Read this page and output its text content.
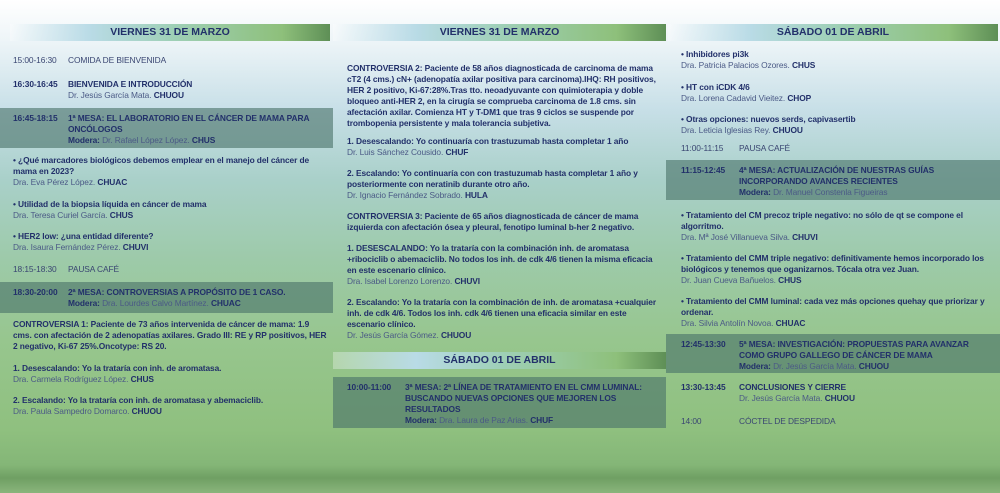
VIERNES 31 DE MARZO
15:00-16:30 COMIDA DE BIENVENIDA
16:30-16:45 BIENVENIDA E INTRODUCCIÓN
Dr. Jesús García Mata. CHUOU
16:45-18:15 1ª MESA: EL LABORATORIO EN EL CÁNCER DE MAMA PARA ONCÓLOGOS
Modera: Dr. Rafael López López. CHUS
• ¿Qué marcadores biológicos debemos emplear en el manejo del cáncer de mama en 2023?
Dra. Eva Pérez López. CHUAC
• Utilidad de la biopsia líquida en cáncer de mama
Dra. Teresa Curiel García. CHUS
• HER2 low: ¿una entidad diferente?
Dra. Isaura Fernández Pérez. CHUVI
18:15-18:30 PAUSA CAFÉ
18:30-20:00 2ª MESA: CONTROVERSIAS A PROPÓSITO DE 1 CASO.
Modera: Dra. Lourdes Calvo Martínez. CHUAC
CONTROVERSIA 1: Paciente de 73 años intervenida de cáncer de mama: 1.9 cms. con afectación de 2 adenopatías axilares. Grado III: RE y RP positivos, HER 2 negativo, Ki-67 25%.Oncotype: RS 20.
1. Desescalando: Yo la trataría con inh. de aromatasa.
Dra. Carmela Rodríguez López. CHUS
2. Escalando: Yo la trataría con inh. de aromatasa y abemaciclib.
Dra. Paula Sampedro Domarco. CHUOU
VIERNES 31 DE MARZO
CONTROVERSIA 2: Paciente de 58 años diagnosticada de carcinoma de mama cT2 (4 cms.) cN+ (adenopatía axilar positiva para carcinoma).IHQ: RH positivos, HER 2 positivo, Ki-67:28%.Tras tto. neoadyuvante con quimioterapia y doble bloqueo anti-HER 2, en la cirugía se comprueba carcinoma de 1.8 cms. sin afectación axilar. Comienza HT y T-DM1 que tras 9 ciclos se suspende por trombopenia persistente y mala tolerancia subjetiva.
1. Desescalando: Yo continuaría con trastuzumab hasta completar 1 año
Dr. Luis Sánchez Cousido. CHUF
2. Escalando: Yo continuaría con con trastuzumab hasta completar 1 año y posteriormente con neratinib durante otro año.
Dr. Ignacio Fernández Sobrado. HULA
CONTROVERSIA 3: Paciente de 65 años diagnosticada de cáncer de mama izquierda con afectación ósea y pleural, fenotipo luminal b-her 2 negativo.
1. DESESCALANDO: Yo la trataría con la combinación inh. de aromatasa +ribociclib o abemaciclib. No todos los inh. de cdk 4/6 tienen la misma eficacia en este escenario clínico.
Dra. Isabel Lorenzo Lorenzo. CHUVI
2. Escalando: Yo la trataría con la combinación de inh. de aromatasa +cualquier inh. de cdk 4/6. Todos los inh. cdk 4/6 tienen una eficacia similar en este escenario clínico.
Dr. Jesús García Gómez. CHUOU
SÁBADO 01 DE ABRIL
10:00-11:00 3ª MESA: 2ª LÍNEA DE TRATAMIENTO EN EL CMM LUMINAL: BUSCANDO NUEVAS OPCIONES QUE MEJOREN LOS RESULTADOS
Modera: Dra. Laura de Paz Arias. CHUF
SÁBADO 01 DE ABRIL
• Inhibidores pi3k
Dra. Patricia Palacios Ozores. CHUS
• HT con iCDK 4/6
Dra. Lorena Cadavid Vieitez. CHOP
• Otras opciones: nuevos serds, capivasertib
Dra. Leticia Iglesias Rey. CHUOU
11:00-11:15 PAUSA CAFÉ
11:15-12:45 4ª MESA: ACTUALIZACIÓN DE NUESTRAS GUÍAS INCORPORANDO AVANCES RECIENTES
Modera: Dr. Manuel Constenla Figueiras
• Tratamiento del CM precoz triple negativo: no sólo de qt se compone el algorritmo.
Dra. Mª José Villanueva Silva. CHUVI
• Tratamiento del CMM triple negativo: definitivamente hemos incorporado los biológicos y tenemos que oganizarnos. Tócala otra vez Juan.
Dr. Juan Cueva Bañuelos. CHUS
• Tratamiento del CMM luminal: cada vez más opciones quehay que priorizar y ordenar.
Dra. Silvia Antolín Novoa. CHUAC
12:45-13:30 5ª MESA: INVESTIGACIÓN: PROPUESTAS PARA AVANZAR COMO GRUPO GALLEGO DE CÁNCER DE MAMA
Modera: Dr. Jesús García Mata. CHUOU
13:30-13:45 CONCLUSIONES Y CIERRE
Dr. Jesús García Mata. CHUOU
14:00	CÓCTEL DE DESPEDIDA
